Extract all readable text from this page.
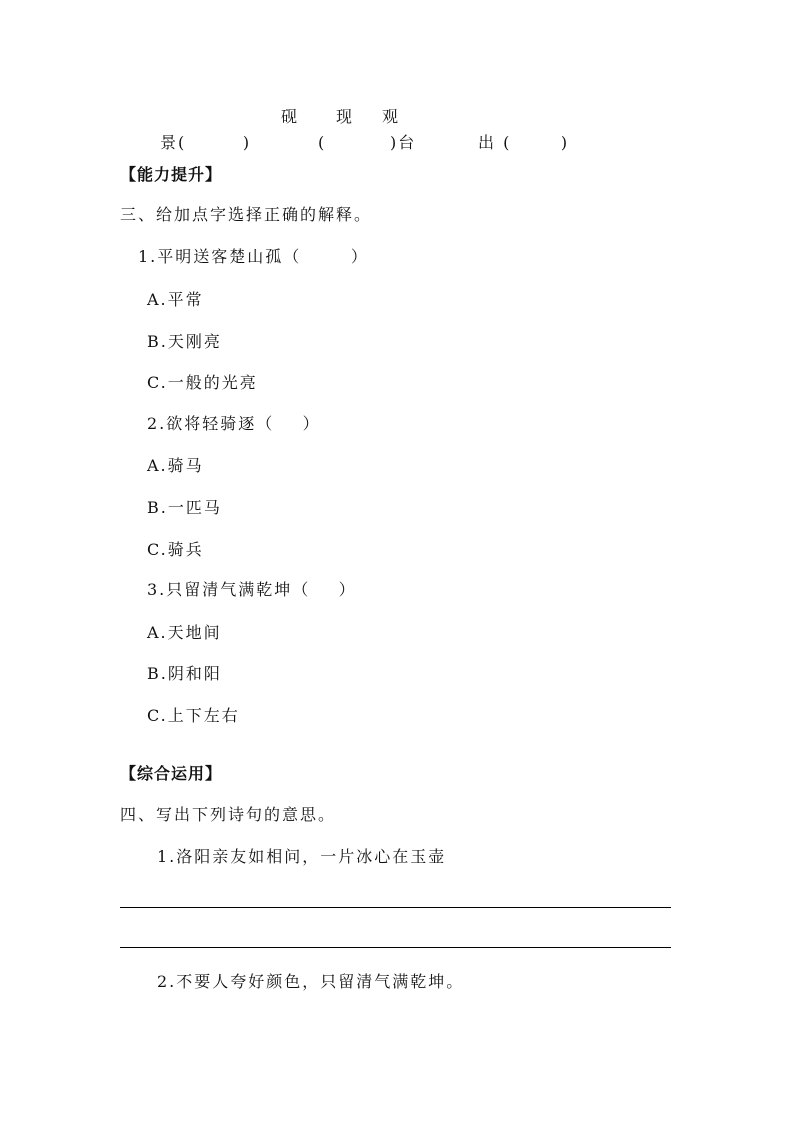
砚 现 观
景(        )	(         )台	出 (       )
【能力提升】
三、给加点字选择正确的解释。
1.平明送客楚山孤（       ）
A.平常
B.天刚亮
C.一般的光亮
2.欲将轻骑逐（    ）
A.骑马
B.一匹马
C.骑兵
3.只留清气满乾坤（    ）
A.天地间
B.阴和阳
C.上下左右
【综合运用】
四、写出下列诗句的意思。
1.洛阳亲友如相问，一片冰心在玉壶
2.不要人夸好颜色，只留清气满乾坤。
